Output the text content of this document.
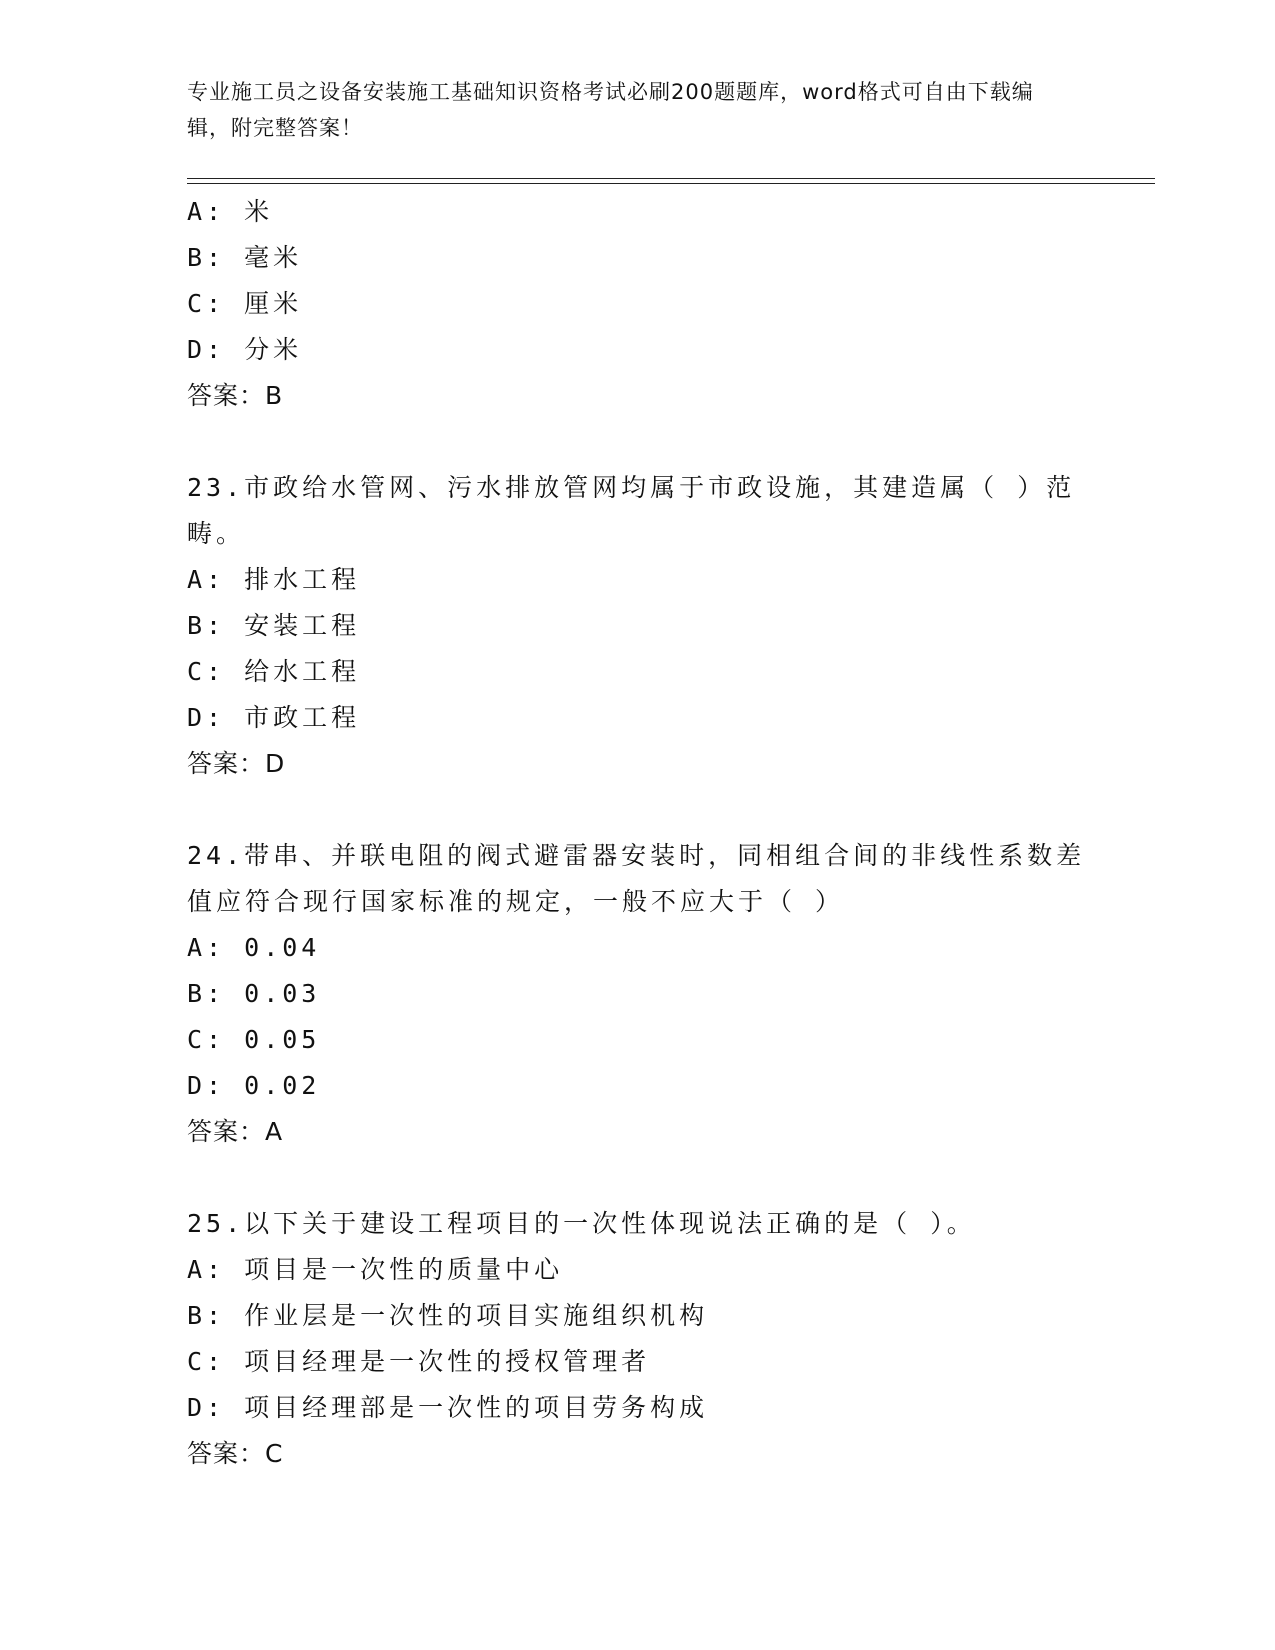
专业施工员之设备安装施工基础知识资格考试必刷200题题库，word格式可自由下载编辑，附完整答案！
A: 米
B: 毫米
C: 厘米
D: 分米
答案：B
23.市政给水管网、污水排放管网均属于市政设施，其建造属（ ）范
畴。
A: 排水工程
B: 安装工程
C: 给水工程
D: 市政工程
答案：D
24.带串、并联电阻的阀式避雷器安装时，同相组合间的非线性系数差
值应符合现行国家标准的规定，一般不应大于（ ）
A: 0.04
B: 0.03
C: 0.05
D: 0.02
答案：A
25.以下关于建设工程项目的一次性体现说法正确的是（ ）。
A: 项目是一次性的质量中心
B: 作业层是一次性的项目实施组织机构
C: 项目经理是一次性的授权管理者
D: 项目经理部是一次性的项目劳务构成
答案：C
